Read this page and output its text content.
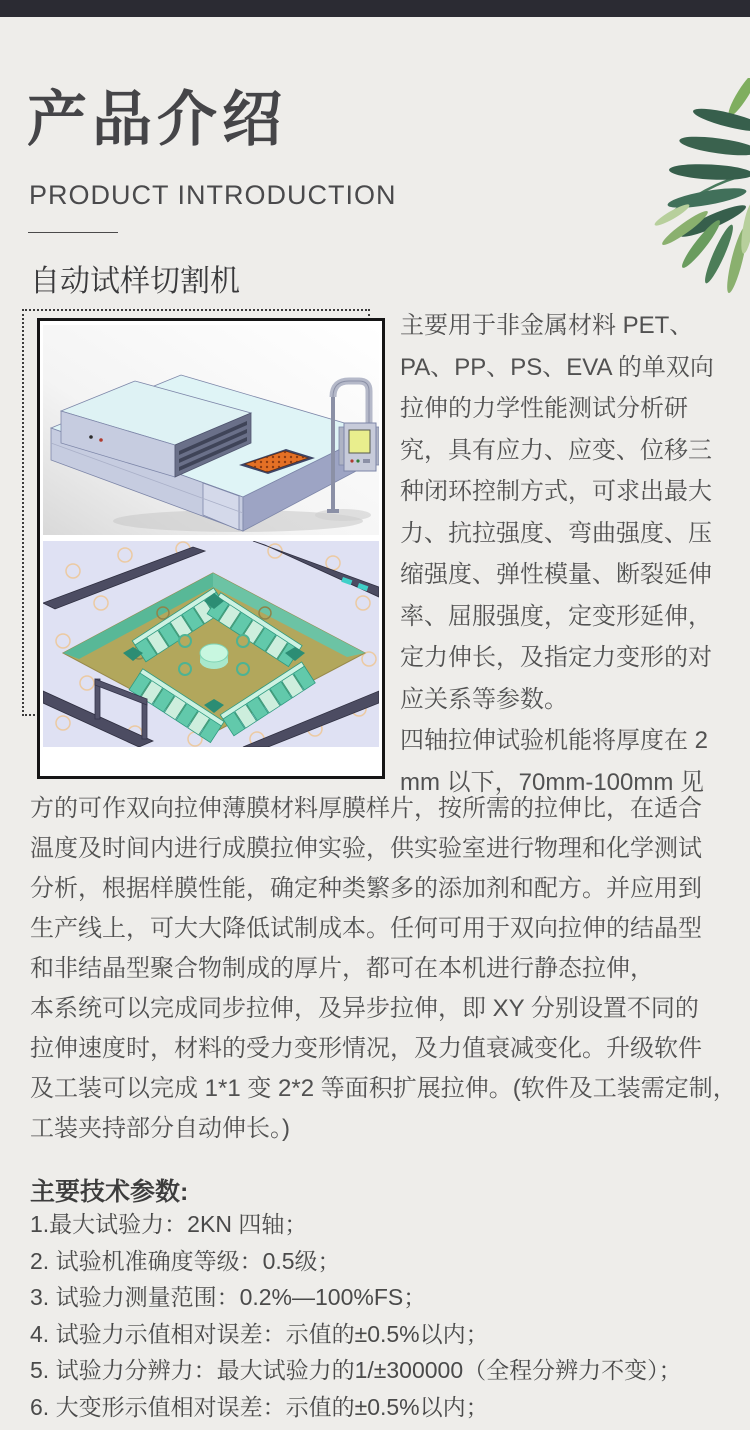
产品介绍
PRODUCT INTRODUCTION
自动试样切割机
主要用于非金属材料 PET、
PA、PP、PS、EVA 的单双向
拉伸的力学性能测试分析研
究，具有应力、应变、位移三
种闭环控制方式，可求出最大
力、抗拉强度、弯曲强度、压
缩强度、弹性模量、断裂延伸
率、屈服强度，定变形延伸，
定力伸长，及指定力变形的对
应关系等参数。
四轴拉伸试验机能将厚度在 2
mm 以下，70mm-100mm 见
方的可作双向拉伸薄膜材料厚膜样片，按所需的拉伸比，在适合
温度及时间内进行成膜拉伸实验，供实验室进行物理和化学测试
分析，根据样膜性能，确定种类繁多的添加剂和配方。并应用到
生产线上，可大大降低试制成本。任何可用于双向拉伸的结晶型
和非结晶型聚合物制成的厚片，都可在本机进行静态拉伸，
本系统可以完成同步拉伸，及异步拉伸，即 XY 分别设置不同的
拉伸速度时，材料的受力变形情况，及力值衰减变化。升级软件
及工装可以完成 1*1 变 2*2 等面积扩展拉伸。(软件及工装需定制，
工装夹持部分自动伸长。)
主要技术参数:
1.最大试验力：2KN 四轴；
2. 试验机准确度等级：0.5级；
3. 试验力测量范围：0.2%—100%FS；
4. 试验力示值相对误差：示值的±0.5%以内；
5. 试验力分辨力：最大试验力的1/±300000（全程分辨力不变）；
6. 大变形示值相对误差：示值的±0.5%以内；
